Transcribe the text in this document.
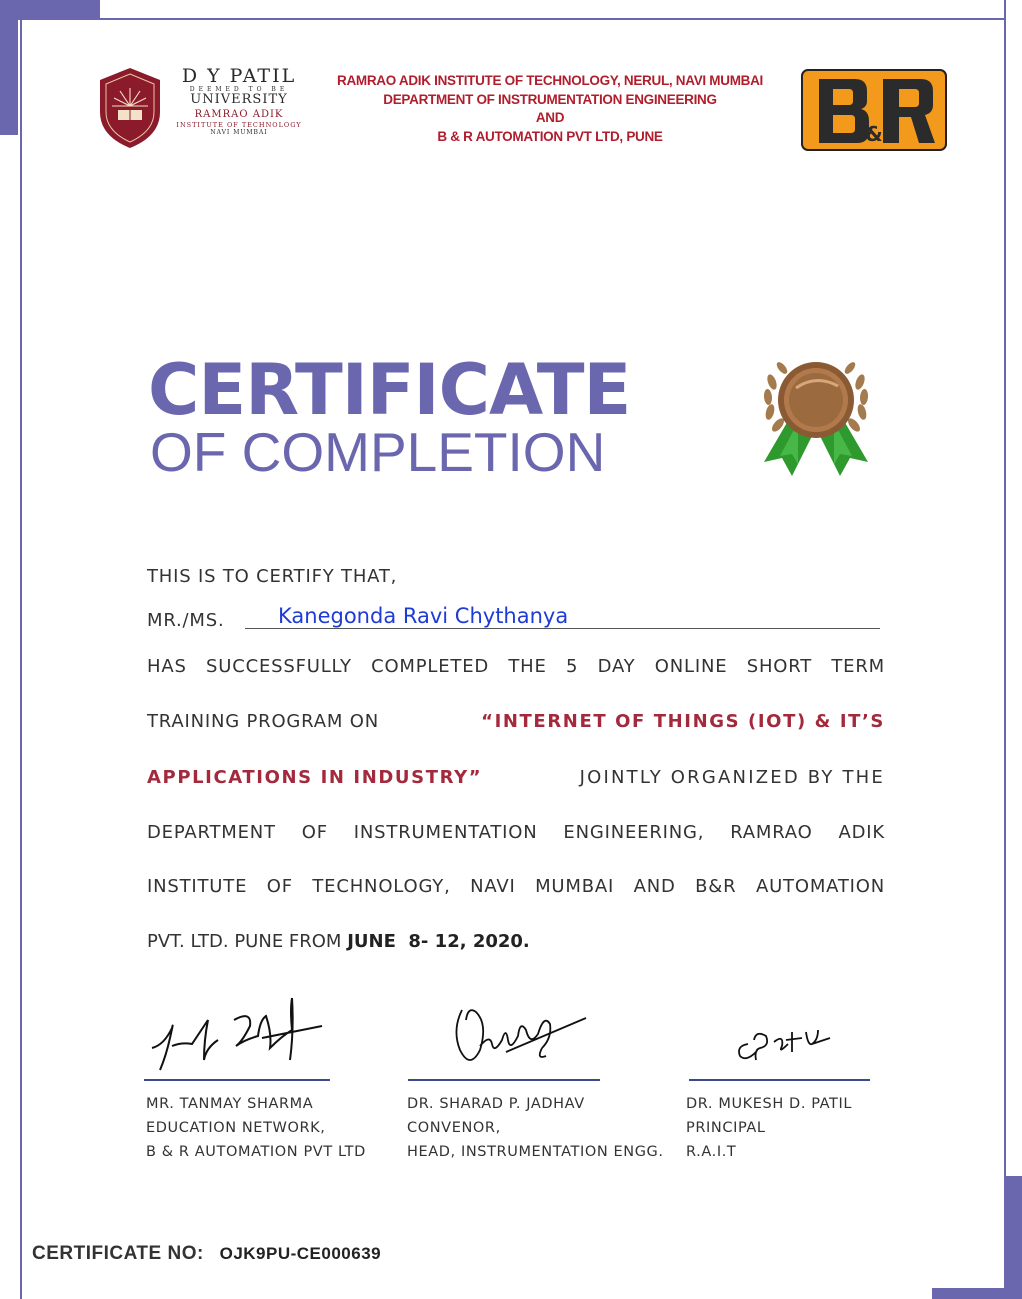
D Y PATIL
DEEMED TO BE
UNIVERSITY
RAMRAO ADIK
INSTITUTE OF TECHNOLOGY
NAVI MUMBAI
RAMRAO ADIK INSTITUTE OF TECHNOLOGY, NERUL, NAVI MUMBAI
DEPARTMENT OF INSTRUMENTATION ENGINEERING
AND
B & R AUTOMATION PVT LTD, PUNE	&
CERTIFICATE
OF COMPLETION
THIS IS TO CERTIFY THAT,
MR./MS.	Kanegonda Ravi Chythanya
HAS SUCCESSFULLY COMPLETED THE 5 DAY ONLINE SHORT TERM
TRAINING PROGRAM ON	“INTERNET OF THINGS (IOT) & IT’S
APPLICATIONS IN INDUSTRY”	JOINTLY ORGANIZED BY THE
DEPARTMENT OF INSTRUMENTATION ENGINEERING, RAMRAO ADIK
INSTITUTE OF TECHNOLOGY, NAVI MUMBAI AND B&R AUTOMATION
PVT. LTD. PUNE FROM JUNE  8- 12, 2020.
MR. TANMAY SHARMA
EDUCATION NETWORK,
B & R AUTOMATION PVT LTD
DR. SHARAD P. JADHAV
CONVENOR,
HEAD, INSTRUMENTATION ENGG.
DR. MUKESH D. PATIL
PRINCIPAL
R.A.I.T
CERTIFICATE NO: OJK9PU-CE000639
